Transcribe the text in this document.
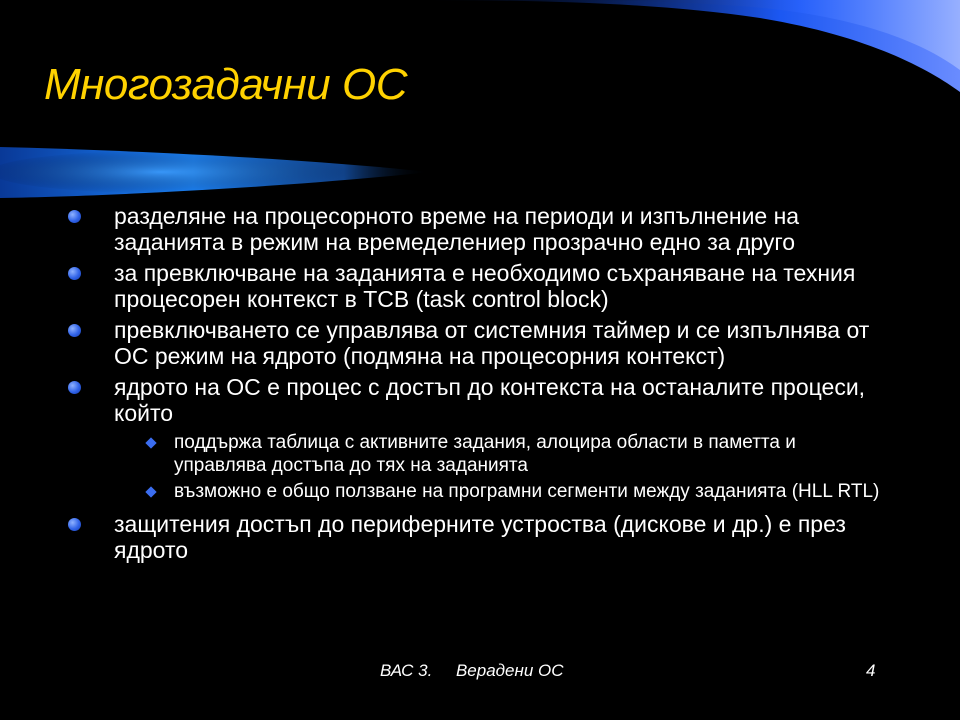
Многозадачни ОС
разделяне на процесорното време на периоди и изпълнение на заданията в режим на времеделениер прозрачно едно за друго
за превключване на заданията е необходимо съхраняване на техния процесорен контекст в TCB (task control block)
превключването се управлява от системния таймер и се изпълнява от ОС режим на ядрото (подмяна на процесорния контекст)
ядрото на ОС е процес с достъп до контекста на останалите процеси, който
поддържа таблица с активните задания, алоцира области в паметта и управлява достъпа до тях на заданията
възможно е общо ползване на програмни сегменти между заданията (HLL RTL)
защитения достъп до периферните устроства (дискове и др.) е през ядрото
ВАС 3.     Верадени ОС	4
